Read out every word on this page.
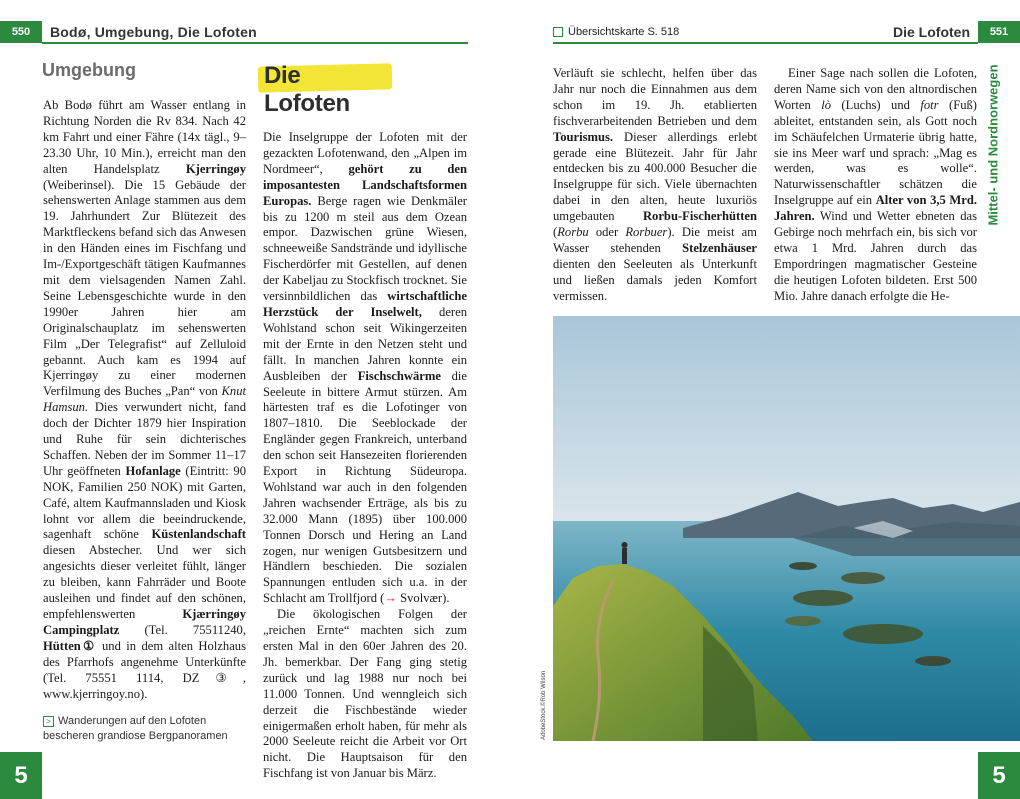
550	Bodø, Umgebung, Die Lofoten
Umgebung

Ab Bodø führt am Wasser entlang in Richtung Norden die Rv 834. Nach 42 km Fahrt und einer Fähre (14x tägl., 9–23.30 Uhr, 10 Min.), erreicht man den alten Handelsplatz Kjerringøy (Weiberinsel). Die 15 Gebäude der sehenswerten Anlage stammen aus dem 19. Jahrhundert Zur Blütezeit des Marktfleckens befand sich das Anwesen in den Händen eines im Fischfang und Im-/Exportgeschäft tätigen Kaufmannes mit dem vielsagenden Namen Zahl. Seine Lebensgeschichte wurde in den 1990er Jahren hier am Originalschauplatz im sehenswerten Film „Der Telegrafist“ auf Zelluloid gebannt. Auch kam es 1994 auf Kjerringøy zu einer modernen Verfilmung des Buches „Pan“ von Knut Hamsun. Dies verwundert nicht, fand doch der Dichter 1879 hier Inspiration und Ruhe für sein dichterisches Schaffen. Neben der im Sommer 11–17 Uhr geöffneten Hofanlage (Eintritt: 90 NOK, Familien 250 NOK) mit Garten, Café, altem Kaufmannsladen und Kiosk lohnt vor allem die beeindruckende, sagenhaft schöne Küstenlandschaft diesen Abstecher. Und wer sich angesichts dieser verleitet fühlt, länger zu bleiben, kann Fahrräder und Boote ausleihen und findet auf den schönen, empfehlenswerten Kjærringøy Campingplatz (Tel. 75511240, Hütten① und in dem alten Holzhaus des Pfarrhofs angenehme Unterkünfte (Tel. 75551 1114, DZ③, www.kjerringoy.no).

> Wanderungen auf den Lofoten bescheren grandiose Bergpanoramen
Die Lofoten

Die Inselgruppe der Lofoten mit der gezackten Lofotenwand, den „Alpen im Nordmeer“, gehört zu den imposantesten Landschaftsformen Europas. Berge ragen wie Denkmäler bis zu 1200 m steil aus dem Ozean empor. Dazwischen grüne Wiesen, schneeweiße Sandstrände und idyllische Fischerdörfer mit Gestellen, auf denen der Kabeljau zu Stockfisch trocknet. Sie versinnbildlichen das wirtschaftliche Herzstück der Inselwelt, deren Wohlstand schon seit Wikingerzeiten mit der Ernte in den Netzen steht und fällt. In manchen Jahren konnte ein Ausbleiben der Fischschwärme die Seeleute in bittere Armut stürzen. Am härtesten traf es die Lofotinger von 1807–1810. Die Seeblockade der Engländer gegen Frankreich, unterband den schon seit Hansezeiten florierenden Export in Richtung Südeuropa. Wohlstand war auch in den folgenden Jahren wachsender Erträge, als bis zu 32.000 Mann (1895) über 100.000 Tonnen Dorsch und Hering an Land zogen, nur wenigen Gutsbesitzern und Händlern beschieden. Die sozialen Spannungen entluden sich u.a. in der Schlacht am Trollfjord (→ Svolvær).

Die ökologischen Folgen der „reichen Ernte“ machten sich zum ersten Mal in den 60er Jahren des 20. Jh. bemerkbar. Der Fang ging stetig zurück und lag 1988 nur noch bei 11.000 Tonnen. Und wenngleich sich derzeit die Fischbestände wieder einigermaßen erholt haben, für mehr als 2000 Seeleute reicht die Arbeit vor Ort nicht. Die Hauptsaison für den Fischfang ist von Januar bis März.

5
Übersichtskarte S. 518	Die Lofoten	551

Verläuft sie schlecht, helfen über das Jahr nur noch die Einnahmen aus dem schon im 19. Jh. etablierten fischverarbeitenden Betrieben und dem Tourismus. Dieser allerdings erlebt gerade eine Blütezeit. Jahr für Jahr entdecken bis zu 400.000 Besucher die Inselgruppe für sich. Viele übernachten dabei in den alten, heute luxuriös umgebauten Rorbu-Fischerhütten (Rorbu oder Rorbuer). Die meist am Wasser stehenden Stelzenhäuser dienten den Seeleuten als Unterkunft und ließen damals jeden Komfort vermissen.

Einer Sage nach sollen die Lofoten, deren Name sich von den altnordischen Worten lò (Luchs) und fotr (Fuß) ableitet, entstanden sein, als Gott noch im Schäufelchen Urmaterie übrig hatte, sie ins Meer warf und sprach: „Mag es werden, was es wolle“. Naturwissenschaftler schätzen die Inselgruppe auf ein Alter von 3,5 Mrd. Jahren. Wind und Wetter ebneten das Gebirge noch mehrfach ein, bis sich vor etwa 1 Mrd. Jahren durch das Empordringen magmatischer Gesteine die heutigen Lofoten bildeten. Erst 500 Mio. Jahre danach erfolgte die He-

5
Mittel- und Nordnorwegen
AdobeStock.©Rob Wilson
